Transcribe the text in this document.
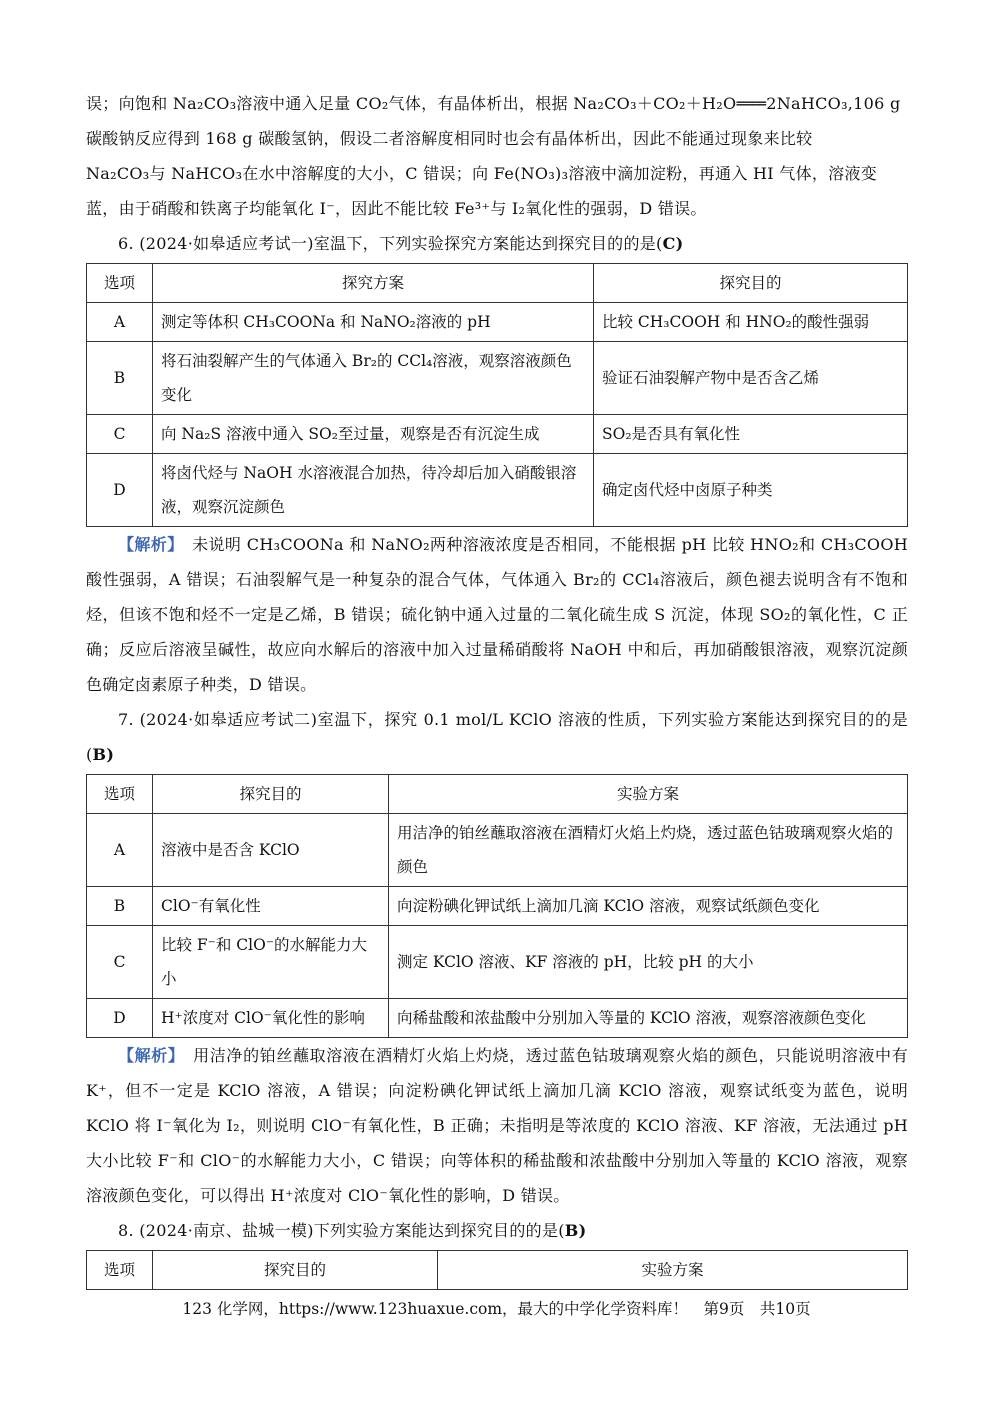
误；向饱和 Na₂CO₃溶液中通入足量 CO₂气体，有晶体析出，根据 Na₂CO₃＋CO₂＋H₂O═══2NaHCO₃,106 g

碳酸钠反应得到 168 g 碳酸氢钠，假设二者溶解度相同时也会有晶体析出，因此不能通过现象来比较

Na₂CO₃与 NaHCO₃在水中溶解度的大小，C 错误；向 Fe(NO₃)₃溶液中滴加淀粉，再通入 HI 气体，溶液变

蓝，由于硝酸和铁离子均能氧化 I⁻，因此不能比较 Fe³⁺与 I₂氧化性的强弱，D 错误。

6. (2024·如皋适应考试一)室温下，下列实验探究方案能达到探究目的的是(C)

选项	探究方案	探究目的
A	测定等体积 CH₃COONa 和 NaNO₂溶液的 pH	比较 CH₃COOH 和 HNO₂的酸性强弱
B	将石油裂解产生的气体通入 Br₂的 CCl₄溶液，观察溶液颜色变化	验证石油裂解产物中是否含乙烯
C	向 Na₂S 溶液中通入 SO₂至过量，观察是否有沉淀生成	SO₂是否具有氧化性
D	将卤代烃与 NaOH 水溶液混合加热，待冷却后加入硝酸银溶液，观察沉淀颜色	确定卤代烃中卤原子种类

【解析】　 未说明 CH₃COONa 和 NaNO₂两种溶液浓度是否相同，不能根据 pH 比较 HNO₂和 CH₃COOH 酸性强弱，A 错误；石油裂解气是一种复杂的混合气体，气体通入 Br₂的 CCl₄溶液后，颜色褪去说明含有不饱和烃，但该不饱和烃不一定是乙烯，B 错误；硫化钠中通入过量的二氧化硫生成 S 沉淀，体现 SO₂的氧化性，C 正确；反应后溶液呈碱性，故应向水解后的溶液中加入过量稀硝酸将 NaOH 中和后，再加硝酸银溶液，观察沉淀颜色确定卤素原子种类，D 错误。

7. (2024·如皋适应考试二)室温下，探究 0.1 mol/L KClO 溶液的性质，下列实验方案能达到探究目的的是(B)

选项	探究目的	实验方案
A	溶液中是否含 KClO	用洁净的铂丝蘸取溶液在酒精灯火焰上灼烧，透过蓝色钴玻璃观察火焰的颜色
B	ClO⁻有氧化性	向淀粉碘化钾试纸上滴加几滴 KClO 溶液，观察试纸颜色变化
C	比较 F⁻和 ClO⁻的水解能力大小	测定 KClO 溶液、KF 溶液的 pH，比较 pH 的大小
D	H⁺浓度对 ClO⁻氧化性的影响	向稀盐酸和浓盐酸中分别加入等量的 KClO 溶液，观察溶液颜色变化

【解析】　 用洁净的铂丝蘸取溶液在酒精灯火焰上灼烧，透过蓝色钴玻璃观察火焰的颜色，只能说明溶液中有 K⁺，但不一定是 KClO 溶液，A 错误；向淀粉碘化钾试纸上滴加几滴 KClO 溶液，观察试纸变为蓝色，说明 KClO 将 I⁻氧化为 I₂，则说明 ClO⁻有氧化性，B 正确；未指明是等浓度的 KClO 溶液、KF 溶液，无法通过 pH 大小比较 F⁻和 ClO⁻的水解能力大小，C 错误；向等体积的稀盐酸和浓盐酸中分别加入等量的 KClO 溶液，观察溶液颜色变化，可以得出 H⁺浓度对 ClO⁻氧化性的影响，D 错误。

8. (2024·南京、盐城一模)下列实验方案能达到探究目的的是(B)

选项	探究目的	实验方案
123 化学网，https://www.123huaxue.com，最大的中学化学资料库！　第9页　共10页
